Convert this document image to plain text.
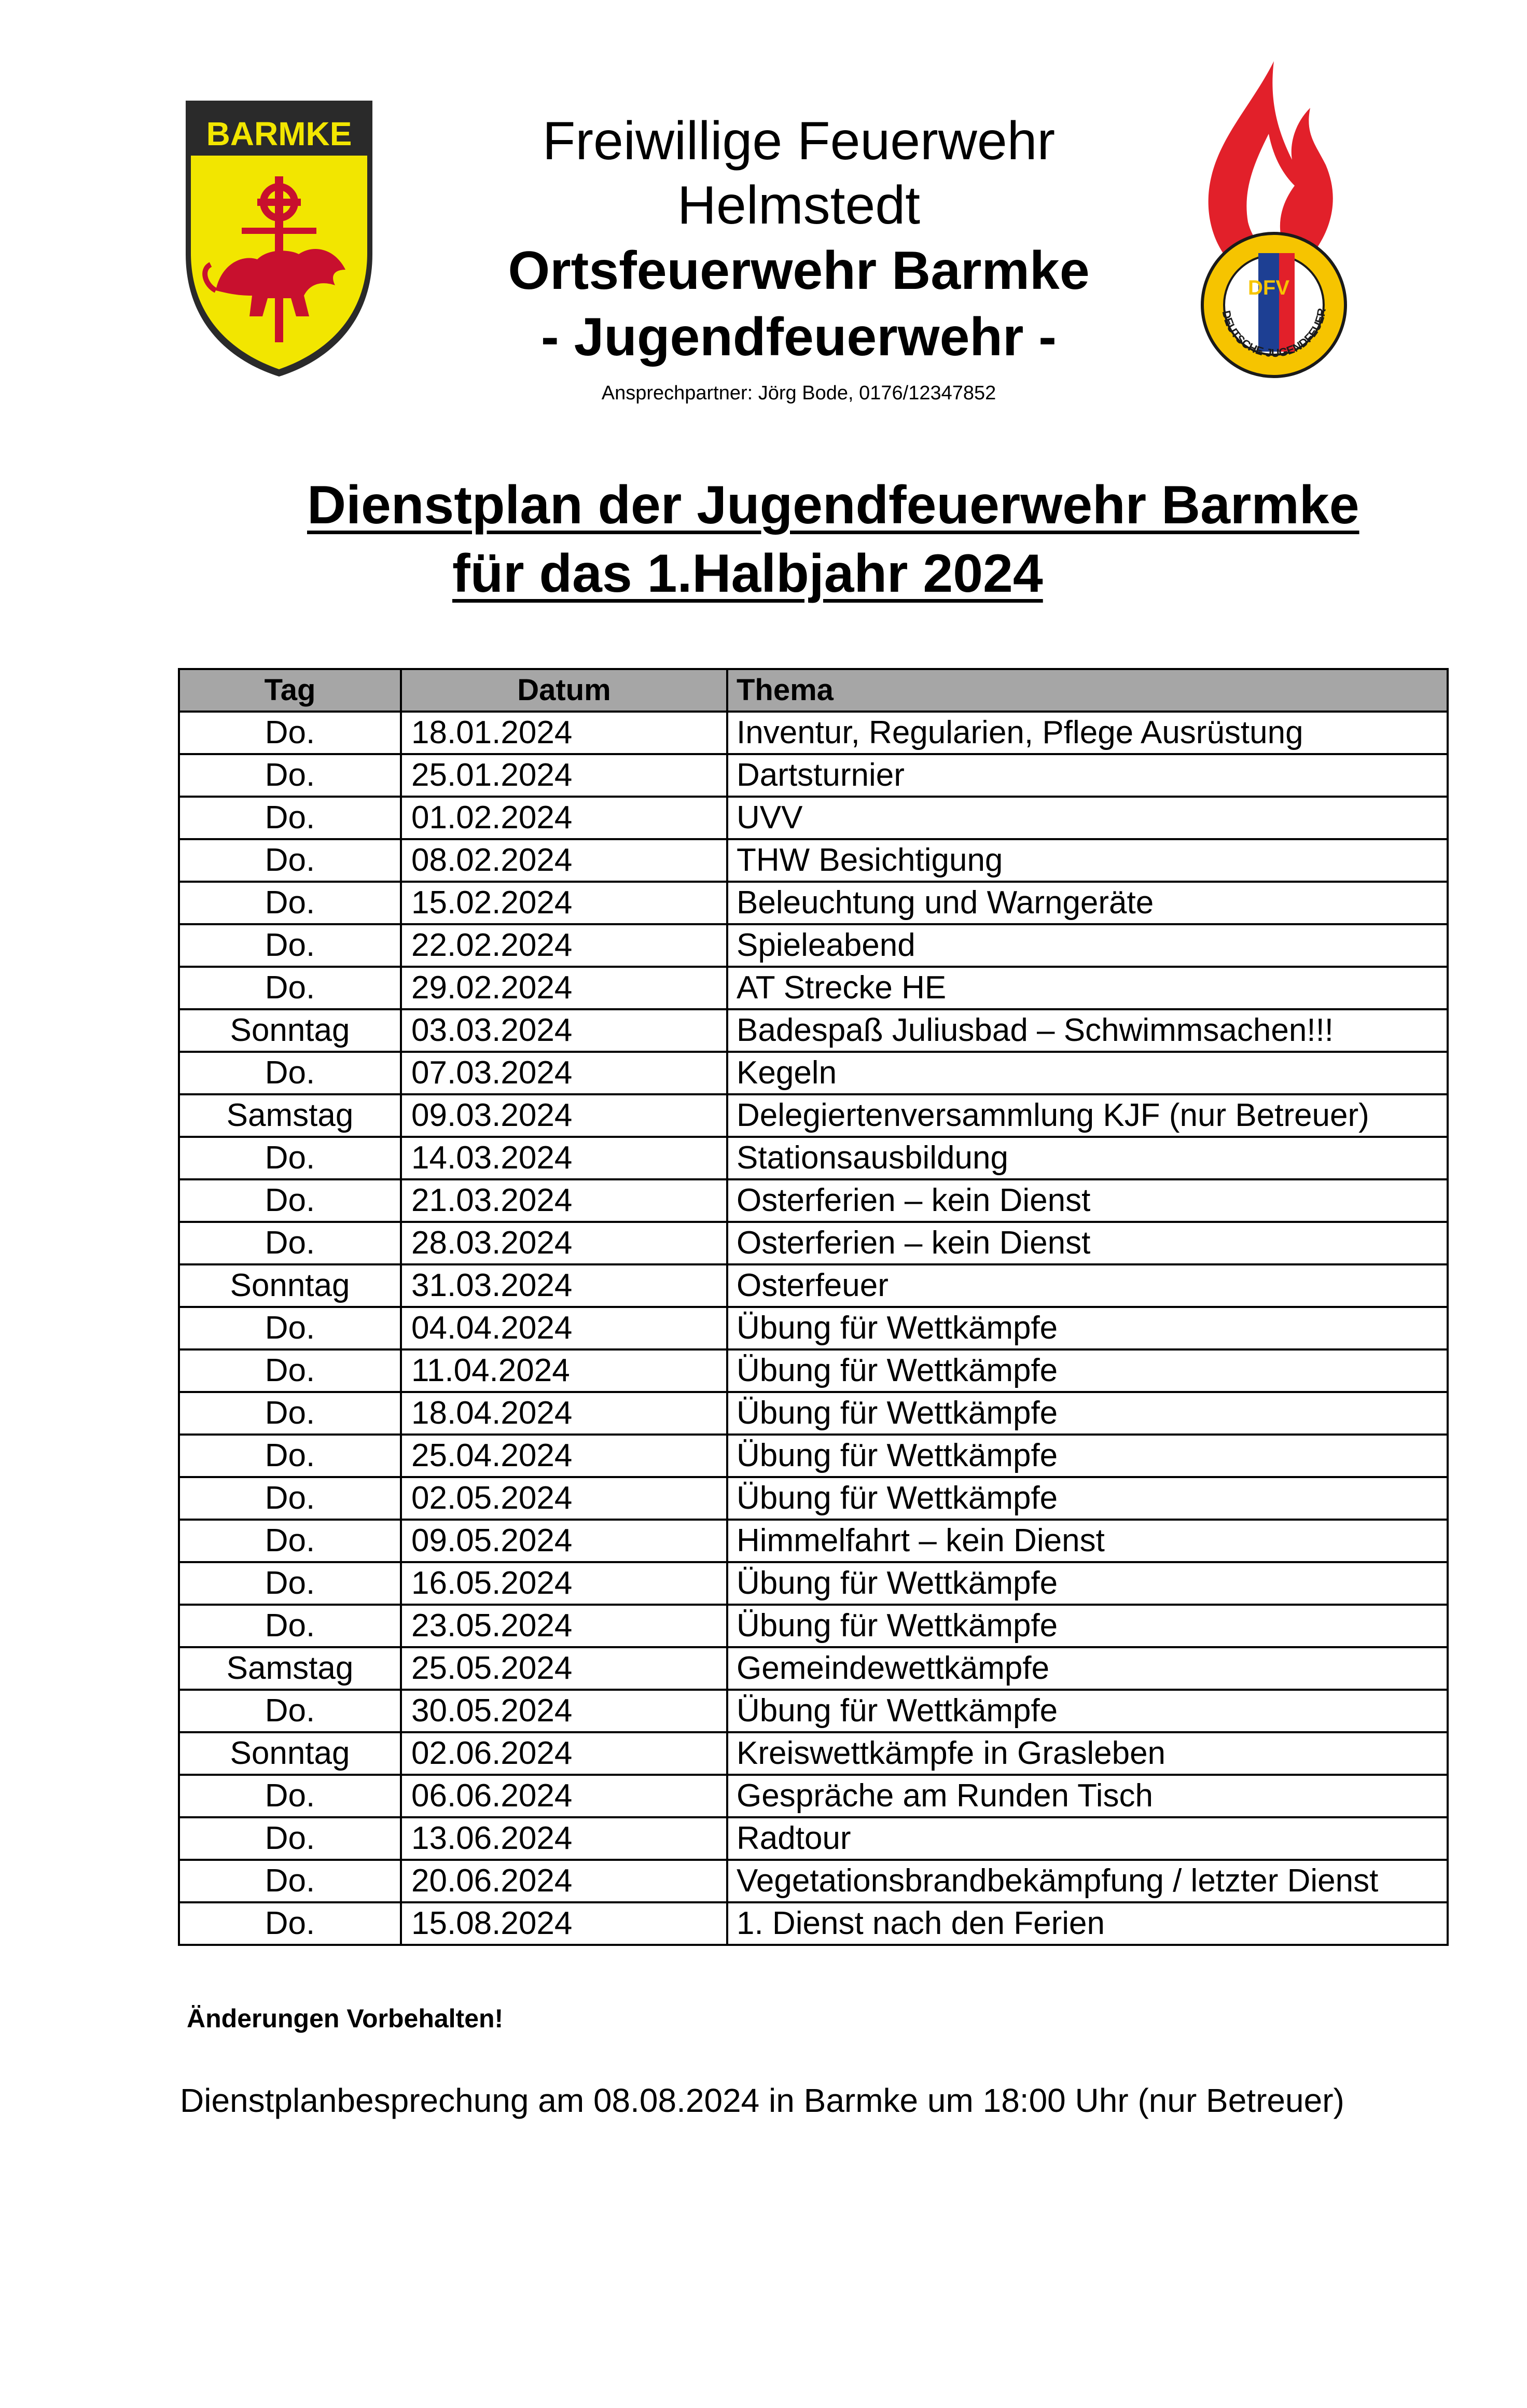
BARMKE
DFV
DEUTSCHE JUGENDFEUER
Freiwillige Feuerwehr
Helmstedt
Ortsfeuerwehr Barmke
- Jugendfeuerwehr -
Ansprechpartner: Jörg Bode, 0176/12347852
Dienstplan der Jugendfeuerwehr Barmke
für das 1.Halbjahr 2024
Tag	Datum	Thema
Do.	18.01.2024	Inventur, Regularien, Pflege Ausrüstung
Do.	25.01.2024	Dartsturnier
Do.	01.02.2024	UVV
Do.	08.02.2024	THW Besichtigung
Do.	15.02.2024	Beleuchtung und Warngeräte
Do.	22.02.2024	Spieleabend
Do.	29.02.2024	AT Strecke HE
Sonntag	03.03.2024	Badespaß Juliusbad – Schwimmsachen!!!
Do.	07.03.2024	Kegeln
Samstag	09.03.2024	Delegiertenversammlung KJF (nur Betreuer)
Do.	14.03.2024	Stationsausbildung
Do.	21.03.2024	Osterferien – kein Dienst
Do.	28.03.2024	Osterferien – kein Dienst
Sonntag	31.03.2024	Osterfeuer
Do.	04.04.2024	Übung für Wettkämpfe
Do.	11.04.2024	Übung für Wettkämpfe
Do.	18.04.2024	Übung für Wettkämpfe
Do.	25.04.2024	Übung für Wettkämpfe
Do.	02.05.2024	Übung für Wettkämpfe
Do.	09.05.2024	Himmelfahrt – kein Dienst
Do.	16.05.2024	Übung für Wettkämpfe
Do.	23.05.2024	Übung für Wettkämpfe
Samstag	25.05.2024	Gemeindewettkämpfe
Do.	30.05.2024	Übung für Wettkämpfe
Sonntag	02.06.2024	Kreiswettkämpfe in Grasleben
Do.	06.06.2024	Gespräche am Runden Tisch
Do.	13.06.2024	Radtour
Do.	20.06.2024	Vegetationsbrandbekämpfung / letzter Dienst
Do.	15.08.2024	1. Dienst nach den Ferien
Änderungen Vorbehalten!
Dienstplanbesprechung am 08.08.2024 in Barmke um 18:00 Uhr (nur Betreuer)
